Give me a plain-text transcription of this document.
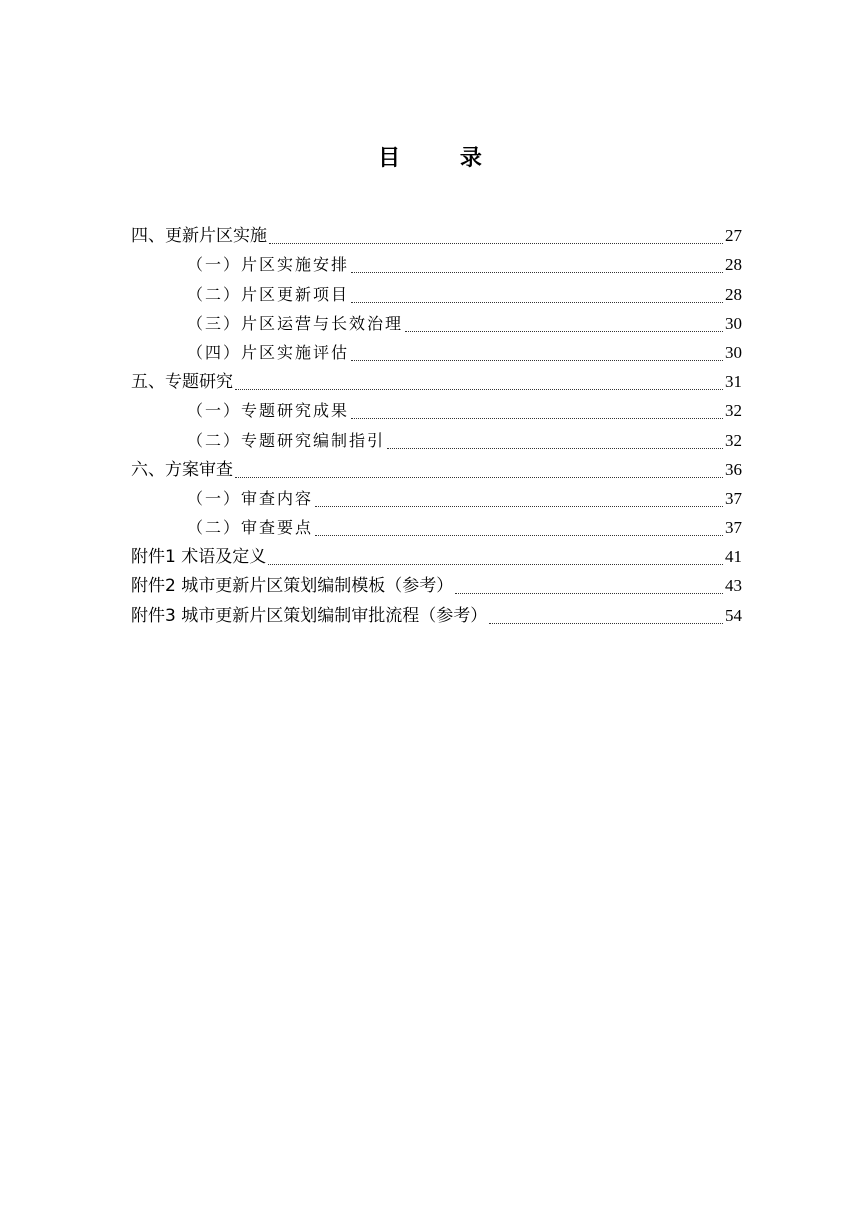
目 录
四、更新片区实施	27
（一）片区实施安排	28
（二）片区更新项目	28
（三）片区运营与长效治理	30
（四）片区实施评估	30
五、专题研究	31
（一）专题研究成果	32
（二）专题研究编制指引	32
六、方案审查	36
（一）审查内容	37
（二）审查要点	37
附件1 术语及定义	41
附件2 城市更新片区策划编制模板（参考）	43
附件3 城市更新片区策划编制审批流程（参考）	54
